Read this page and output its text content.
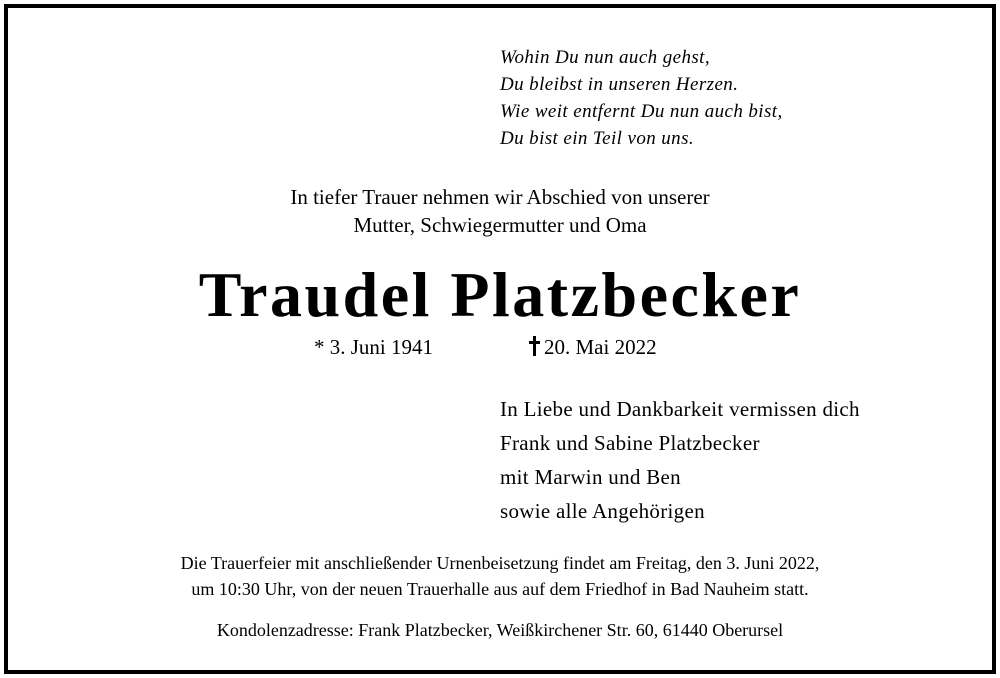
Wohin Du nun auch gehst,
Du bleibst in unseren Herzen.
Wie weit entfernt Du nun auch bist,
Du bist ein Teil von uns.
In tiefer Trauer nehmen wir Abschied von unserer
Mutter, Schwiegermutter und Oma
Traudel Platzbecker
* 3. Juni 1941	20. Mai 2022
In Liebe und Dankbarkeit vermissen dich
Frank und Sabine Platzbecker
mit Marwin und Ben
sowie alle Angehörigen
Die Trauerfeier mit anschließender Urnenbeisetzung findet am Freitag, den 3. Juni 2022,
um 10:30 Uhr, von der neuen Trauerhalle aus auf dem Friedhof in Bad Nauheim statt.
Kondolenzadresse: Frank Platzbecker, Weißkirchener Str. 60, 61440 Oberursel
